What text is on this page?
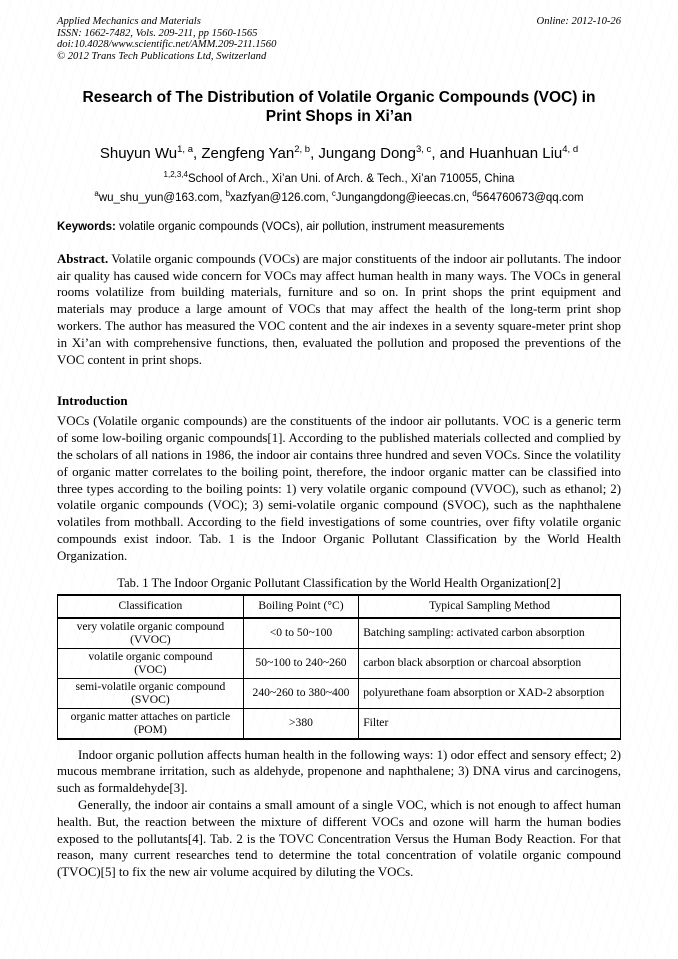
Applied Mechanics and Materials
ISSN: 1662-7482, Vols. 209-211, pp 1560-1565
doi:10.4028/www.scientific.net/AMM.209-211.1560
© 2012 Trans Tech Publications Ltd, Switzerland
Online: 2012-10-26
Research of The Distribution of Volatile Organic Compounds (VOC) in
Print Shops in Xi’an
Shuyun Wu$^{1, a}$, Zengfeng Yan$^{2, b}$, Jungang Dong$^{3, c}$, and Huanhuan Liu$^{4, d}$
$^{1,2,3,4}$School of Arch., Xi’an Uni. of Arch. & Tech., Xi’an 710055, China
$^a$wu_shu_yun@163.com, $^b$xazfyan@126.com, $^c$Jungangdong@ieecas.cn, $^d$564760673@qq.com
Keywords: volatile organic compounds (VOCs), air pollution, instrument measurements
Abstract. Volatile organic compounds (VOCs) are major constituents of the indoor air pollutants. The indoor air quality has caused wide concern for VOCs may affect human health in many ways. The VOCs in general rooms volatilize from building materials, furniture and so on. In print shops the print equipment and materials may produce a large amount of VOCs that may affect the health of the long-term print shop workers. The author has measured the VOC content and the air indexes in a seventy square-meter print shop in Xi’an with comprehensive functions, then, evaluated the pollution and proposed the preventions of the VOC content in print shops.
Introduction
VOCs (Volatile organic compounds) are the constituents of the indoor air pollutants. VOC is a generic term of some low-boiling organic compounds[1]. According to the published materials collected and complied by the scholars of all nations in 1986, the indoor air contains three hundred and seven VOCs. Since the volatility of organic matter correlates to the boiling point, therefore, the indoor organic matter can be classified into three types according to the boiling points: 1) very volatile organic compound (VVOC), such as ethanol; 2) volatile organic compounds (VOC); 3) semi-volatile organic compound (SVOC), such as the naphthalene volatiles from mothball. According to the field investigations of some countries, over fifty volatile organic compounds exist indoor. Tab. 1 is the Indoor Organic Pollutant Classification by the World Health Organization.
Tab. 1 The Indoor Organic Pollutant Classification by the World Health Organization[2]
Classification	Boiling Point (°C)	Typical Sampling Method
very volatile organic compound
(VVOC)	<0 to 50~100	Batching sampling: activated carbon absorption
volatile organic compound
(VOC)	50~100 to 240~260	carbon black absorption or charcoal absorption
semi-volatile organic compound
(SVOC)	240~260 to 380~400	polyurethane foam absorption or XAD-2 absorption
organic matter attaches on particle
(POM)	>380	Filter
Indoor organic pollution affects human health in the following ways: 1) odor effect and sensory effect; 2) mucous membrane irritation, such as aldehyde, propenone and naphthalene; 3) DNA virus and carcinogens, such as formaldehyde[3].
Generally, the indoor air contains a small amount of a single VOC, which is not enough to affect human health. But, the reaction between the mixture of different VOCs and ozone will harm the human bodies exposed to the pollutants[4]. Tab. 2 is the TOVC Concentration Versus the Human Body Reaction. For that reason, many current researches tend to determine the total concentration of volatile organic compound (TVOC)[5] to fix the new air volume acquired by diluting the VOCs.
